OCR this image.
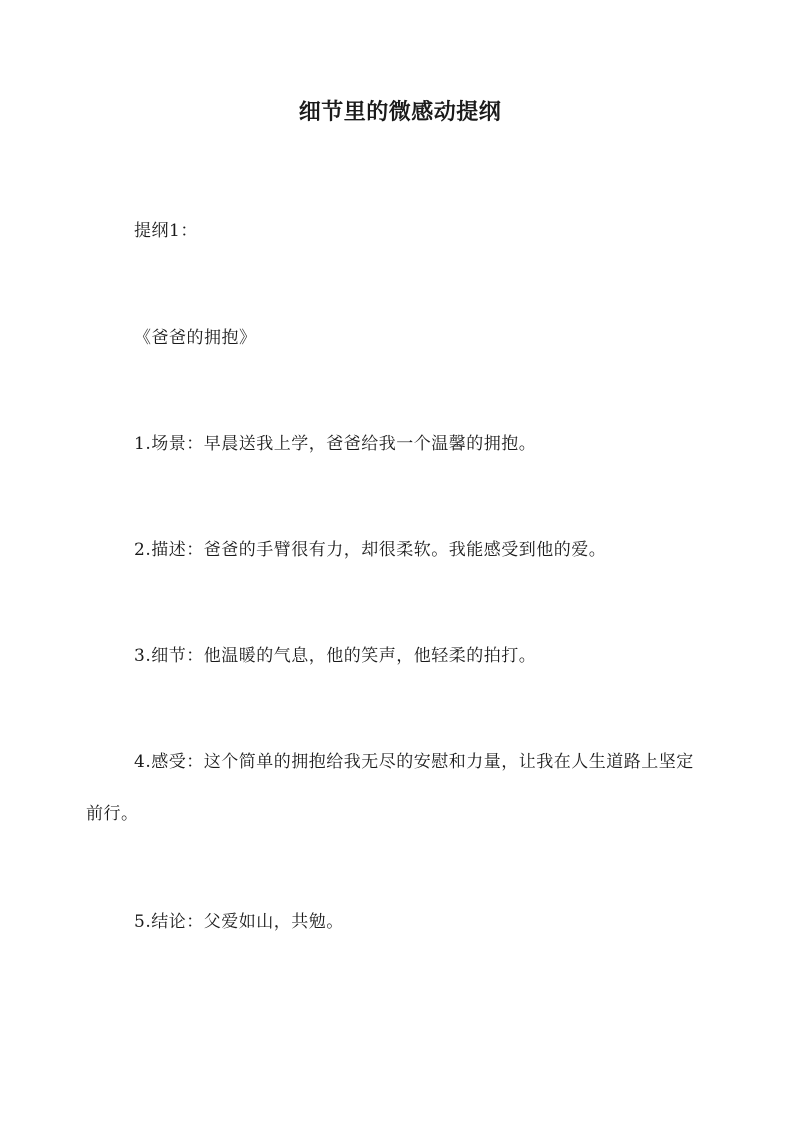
细节里的微感动提纲
提纲1：
《爸爸的拥抱》
1.场景：早晨送我上学，爸爸给我一个温馨的拥抱。
2.描述：爸爸的手臂很有力，却很柔软。我能感受到他的爱。
3.细节：他温暖的气息，他的笑声，他轻柔的拍打。
4.感受：这个简单的拥抱给我无尽的安慰和力量，让我在人生道路上坚定前行。
5.结论：父爱如山，共勉。
